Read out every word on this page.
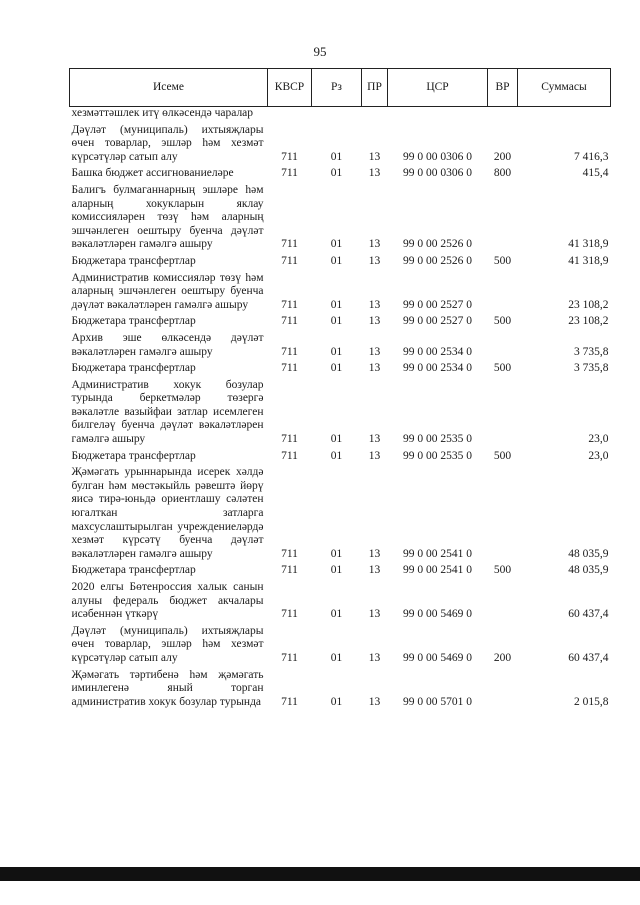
95
Исеме	КВСР	Рз	ПР	ЦСР	ВР	Суммасы
хезмәттәшлек итү өлкәсендә чаралар						
Дәүләт (муниципаль) ихтыяҗлары өчен товарлар, эшләр һәм хезмәт күрсәтүләр сатып алу	711	01	13	99 0 00 0306 0	200	7 416,3
Башка бюджет ассигнованиеләре	711	01	13	99 0 00 0306 0	800	415,4
Балигъ булмаганнарның эшләре һәм аларның хокукларын яклау комиссияләрен төзү һәм аларның эшчәнлеген оештыру буенча дәүләт вәкаләтләрен гамәлгә ашыру	711	01	13	99 0 00 2526 0		41 318,9
Бюджетара трансфертлар	711	01	13	99 0 00 2526 0	500	41 318,9
Административ комиссияләр төзү һәм аларның эшчәнлеген оештыру буенча дәүләт вәкаләтләрен гамәлгә ашыру	711	01	13	99 0 00 2527 0		23 108,2
Бюджетара трансфертлар	711	01	13	99 0 00 2527 0	500	23 108,2
Архив эше өлкәсендә дәүләт вәкаләтләрен гамәлгә ашыру	711	01	13	99 0 00 2534 0		3 735,8
Бюджетара трансфертлар	711	01	13	99 0 00 2534 0	500	3 735,8
Административ хокук бозулар турында беркетмәләр төзергә вәкаләтле вазыйфаи затлар исемлеген билгеләү буенча дәүләт вәкаләтләрен гамәлгә ашыру	711	01	13	99 0 00 2535 0		23,0
Бюджетара трансфертлар	711	01	13	99 0 00 2535 0	500	23,0
Җәмәгать урыннарында исерек хәлдә булган һәм мөстәкыйль рәвештә йөрү яисә тирә-юньдә ориентлашу сәләтен югалткан затларга махсуслаштырылган учреждениеләрдә хезмәт күрсәтү буенча дәүләт вәкаләтләрен гамәлгә ашыру	711	01	13	99 0 00 2541 0		48 035,9
Бюджетара трансфертлар	711	01	13	99 0 00 2541 0	500	48 035,9
2020 елгы Бөтенроссия халык санын алуны федераль бюджет акчалары исәбеннән үткәрү	711	01	13	99 0 00 5469 0		60 437,4
Дәүләт (муниципаль) ихтыяҗлары өчен товарлар, эшләр һәм хезмәт күрсәтүләр сатып алу	711	01	13	99 0 00 5469 0	200	60 437,4
Җәмәгать тәртибенә һәм җәмәгать иминлегенә яный торган административ хокук бозулар турында	711	01	13	99 0 00 5701 0		2 015,8
